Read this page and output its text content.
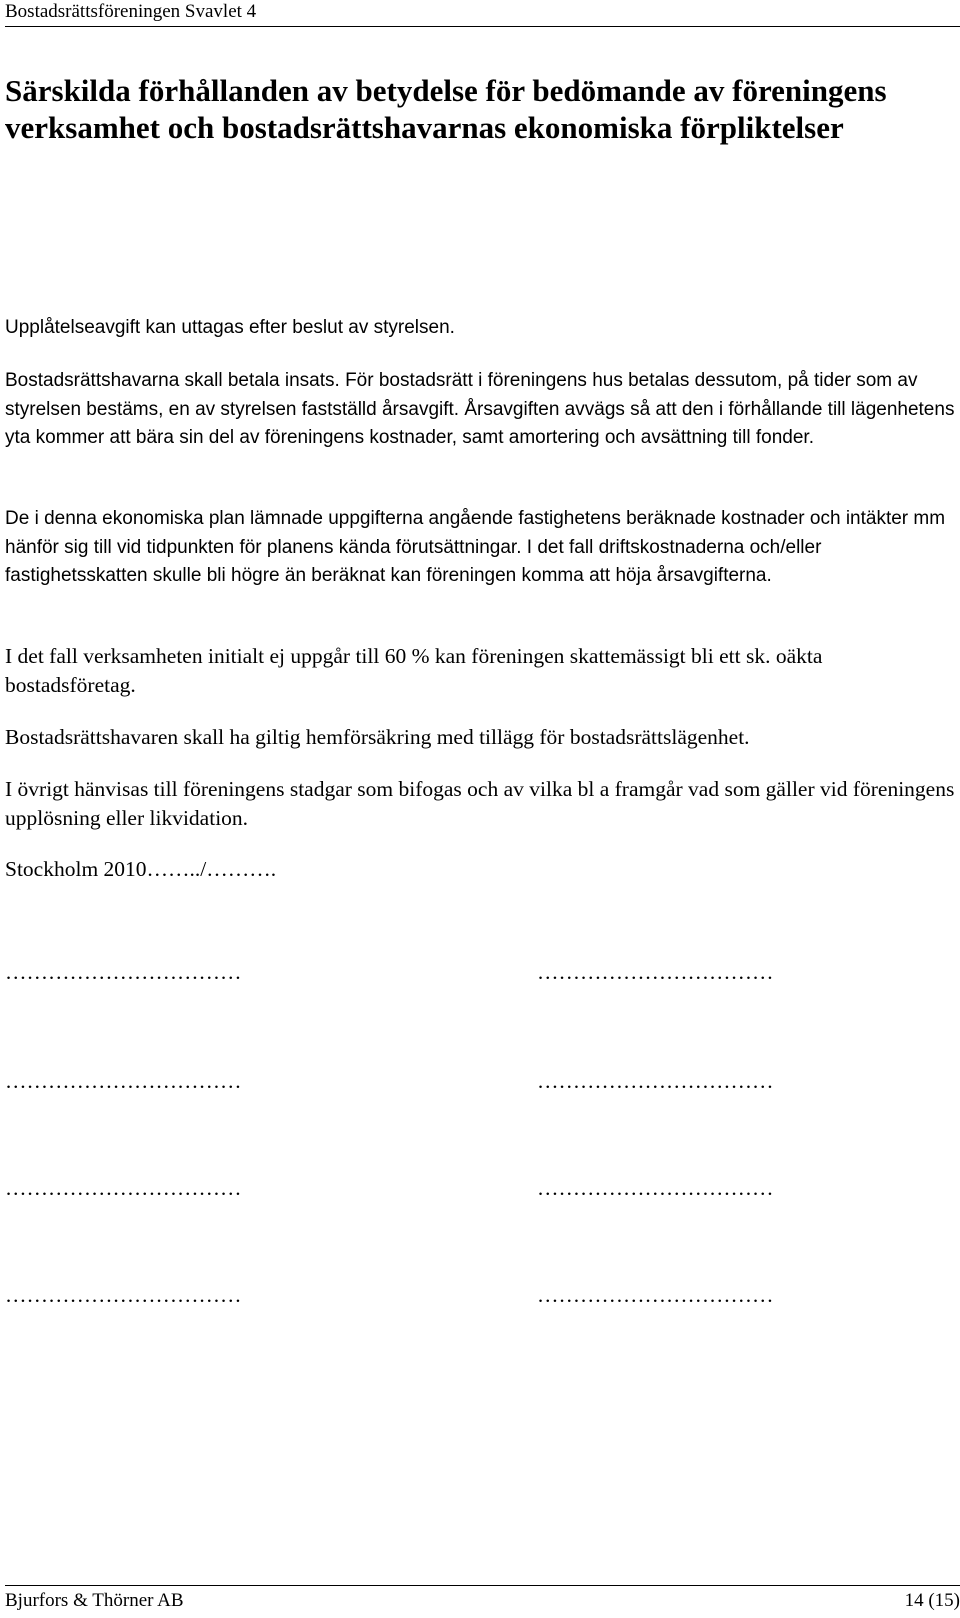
Bostadsrättsföreningen Svavlet 4
Särskilda förhållanden av betydelse för bedömande av föreningens verksamhet och bostadsrättshavarnas ekonomiska förpliktelser

Upplåtelseavgift kan uttagas efter beslut av styrelsen.

Bostadsrättshavarna skall betala insats. För bostadsrätt i föreningens hus betalas dessutom, på tider som av styrelsen bestäms, en av styrelsen fastställd årsavgift. Årsavgiften avvägs så att den i förhållande till lägenhetens yta kommer att bära sin del av föreningens kostnader, samt amortering och avsättning till fonder.

De i denna ekonomiska plan lämnade uppgifterna angående fastighetens beräknade kostnader och intäkter mm hänför sig till vid tidpunkten för planens kända förutsättningar. I det fall driftskostnaderna och/eller fastighetsskatten skulle bli högre än beräknat kan föreningen komma att höja årsavgifterna.

I det fall verksamheten initialt ej uppgår till 60 % kan föreningen skattemässigt bli ett sk. oäkta bostadsföretag.

Bostadsrättshavaren skall ha giltig hemförsäkring med tillägg för bostadsrättslägenhet.

I övrigt hänvisas till föreningens stadgar som bifogas och av vilka bl a framgår vad som gäller vid föreningens upplösning eller likvidation.

Stockholm 2010……../……….

……………………………	……………………………
……………………………	……………………………
……………………………	……………………………
……………………………	……………………………
Bjurfors & Thörner AB	14 (15)
